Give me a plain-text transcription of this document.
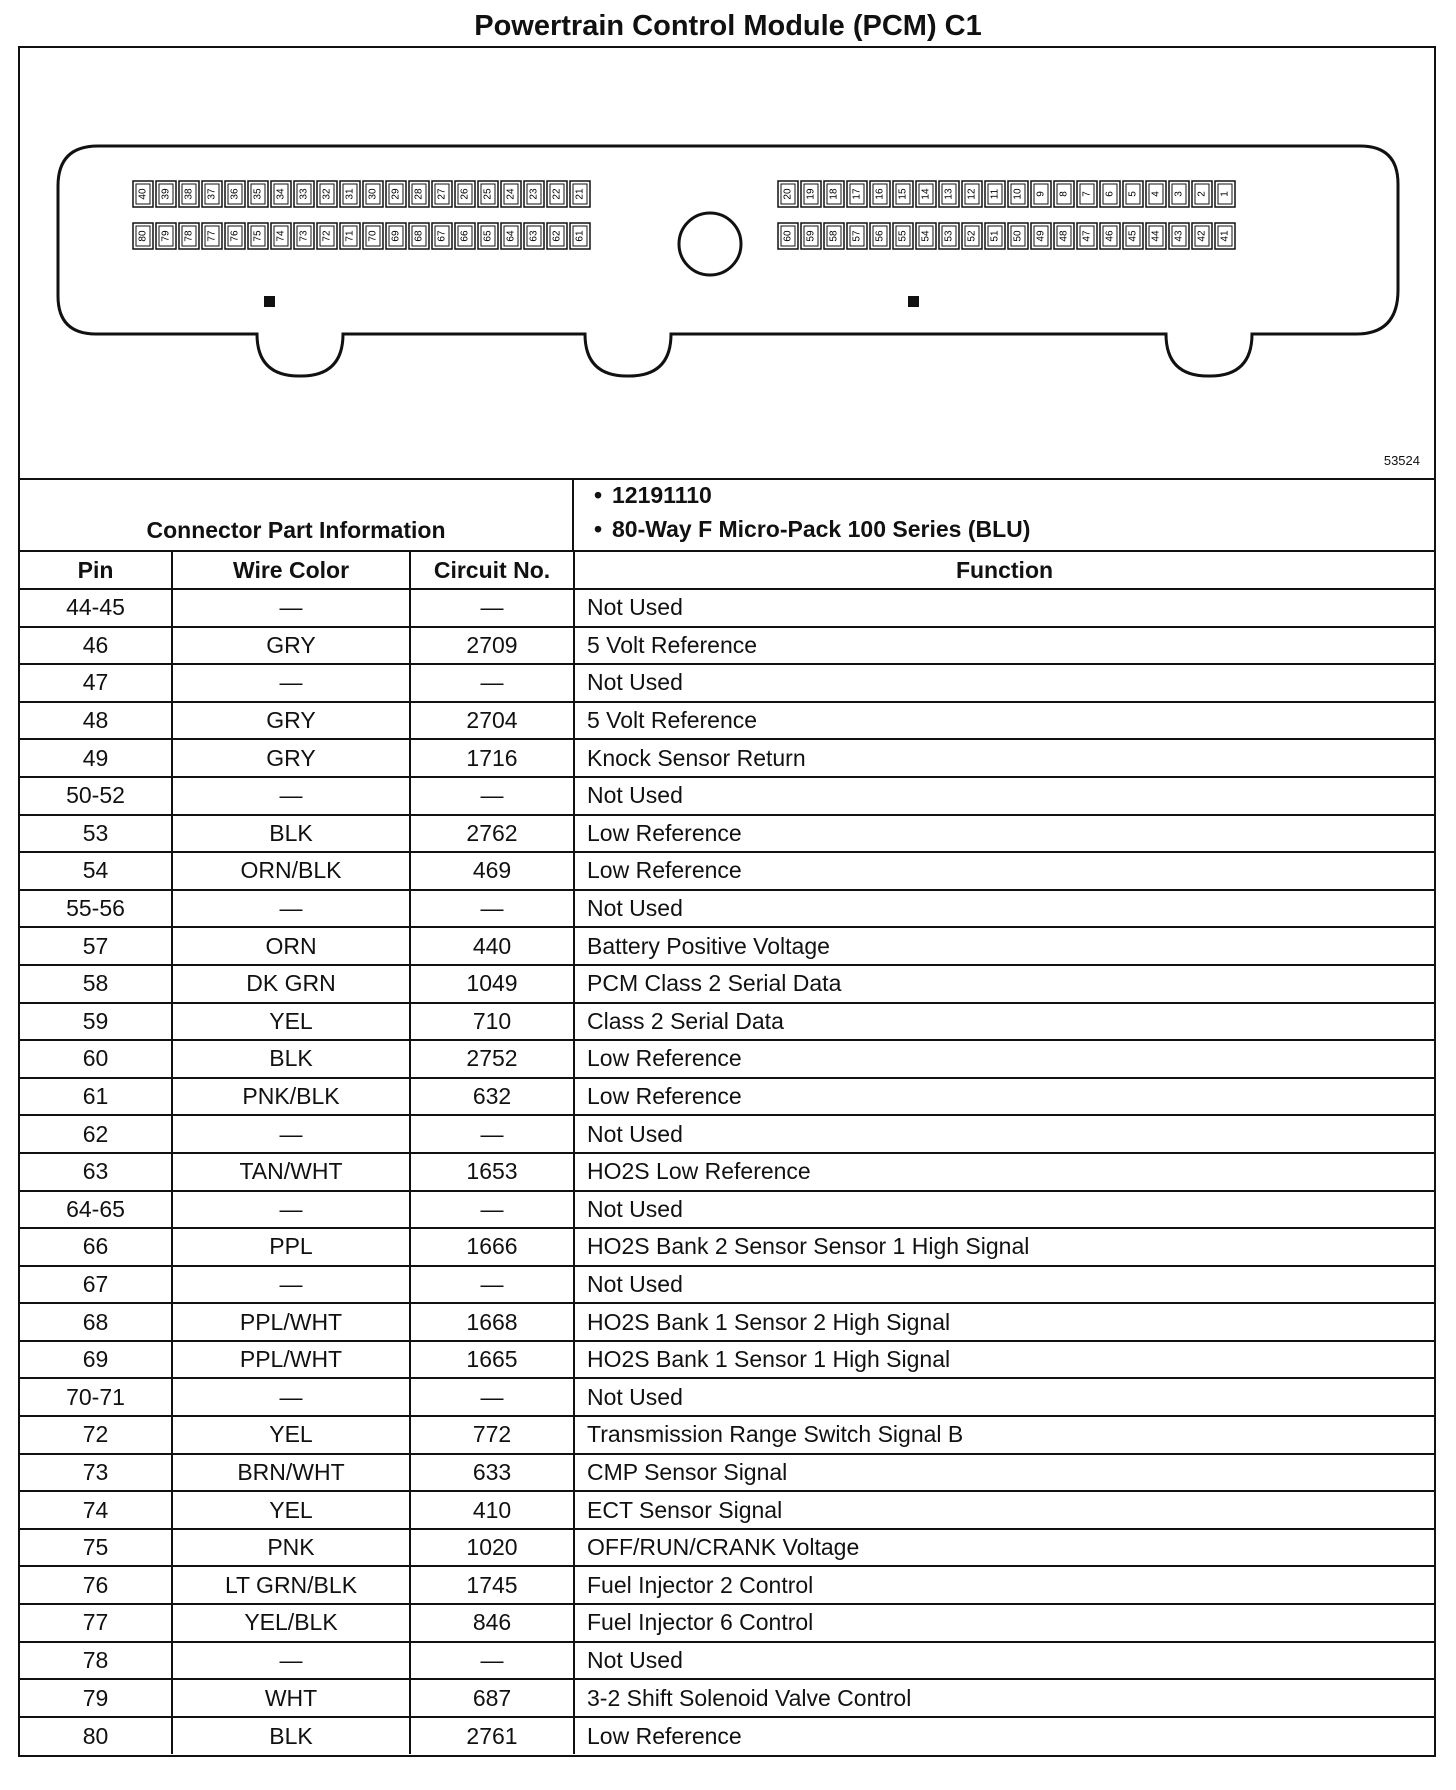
Powertrain Control Module (PCM) C1
40 39 38 37 36 35 34 33 32 31 30 29 28 27 26 25 24 23 22 21
80 79 78 77 76 75 74 73 72 71 70 69 68 67 66 65 64 63 62 61
20 19 18 17 16 15 14 13 12 11 10 9 8 7 6 5 4 3 2 1
60 59 58 57 56 55 54 53 52 51 50 49 48 47 46 45 44 43 42 41
53524
Connector Part Information
• 12191110
• 80-Way F Micro-Pack 100 Series (BLU)
Pin	Wire Color	Circuit No.	Function
44-45	—	—	Not Used
46	GRY	2709	5 Volt Reference
47	—	—	Not Used
48	GRY	2704	5 Volt Reference
49	GRY	1716	Knock Sensor Return
50-52	—	—	Not Used
53	BLK	2762	Low Reference
54	ORN/BLK	469	Low Reference
55-56	—	—	Not Used
57	ORN	440	Battery Positive Voltage
58	DK GRN	1049	PCM Class 2 Serial Data
59	YEL	710	Class 2 Serial Data
60	BLK	2752	Low Reference
61	PNK/BLK	632	Low Reference
62	—	—	Not Used
63	TAN/WHT	1653	HO2S Low Reference
64-65	—	—	Not Used
66	PPL	1666	HO2S Bank 2 Sensor Sensor 1 High Signal
67	—	—	Not Used
68	PPL/WHT	1668	HO2S Bank 1 Sensor 2 High Signal
69	PPL/WHT	1665	HO2S Bank 1 Sensor 1 High Signal
70-71	—	—	Not Used
72	YEL	772	Transmission Range Switch Signal B
73	BRN/WHT	633	CMP Sensor Signal
74	YEL	410	ECT Sensor Signal
75	PNK	1020	OFF/RUN/CRANK Voltage
76	LT GRN/BLK	1745	Fuel Injector 2 Control
77	YEL/BLK	846	Fuel Injector 6 Control
78	—	—	Not Used
79	WHT	687	3-2 Shift Solenoid Valve Control
80	BLK	2761	Low Reference
